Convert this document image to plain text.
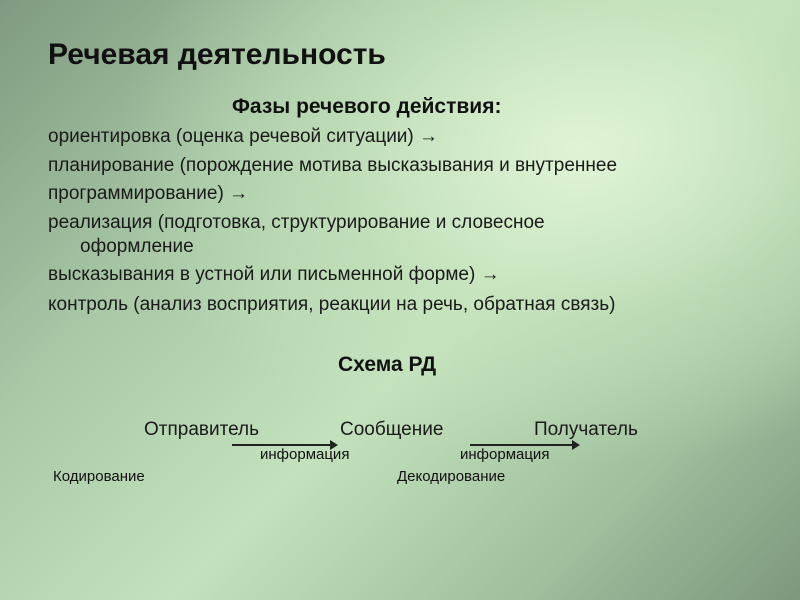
Речевая деятельность
Фазы речевого действия:
ориентировка (оценка речевой ситуации) →
планирование (порождение мотива высказывания и внутреннее
программирование) →
реализация (подготовка, структурирование и словесное
оформление
высказывания в устной или письменной форме) →
контроль (анализ восприятия, реакции на речь, обратная связь)
Схема РД
Отправитель	Сообщение	Получатель
информация	информация
Кодирование	Декодирование
